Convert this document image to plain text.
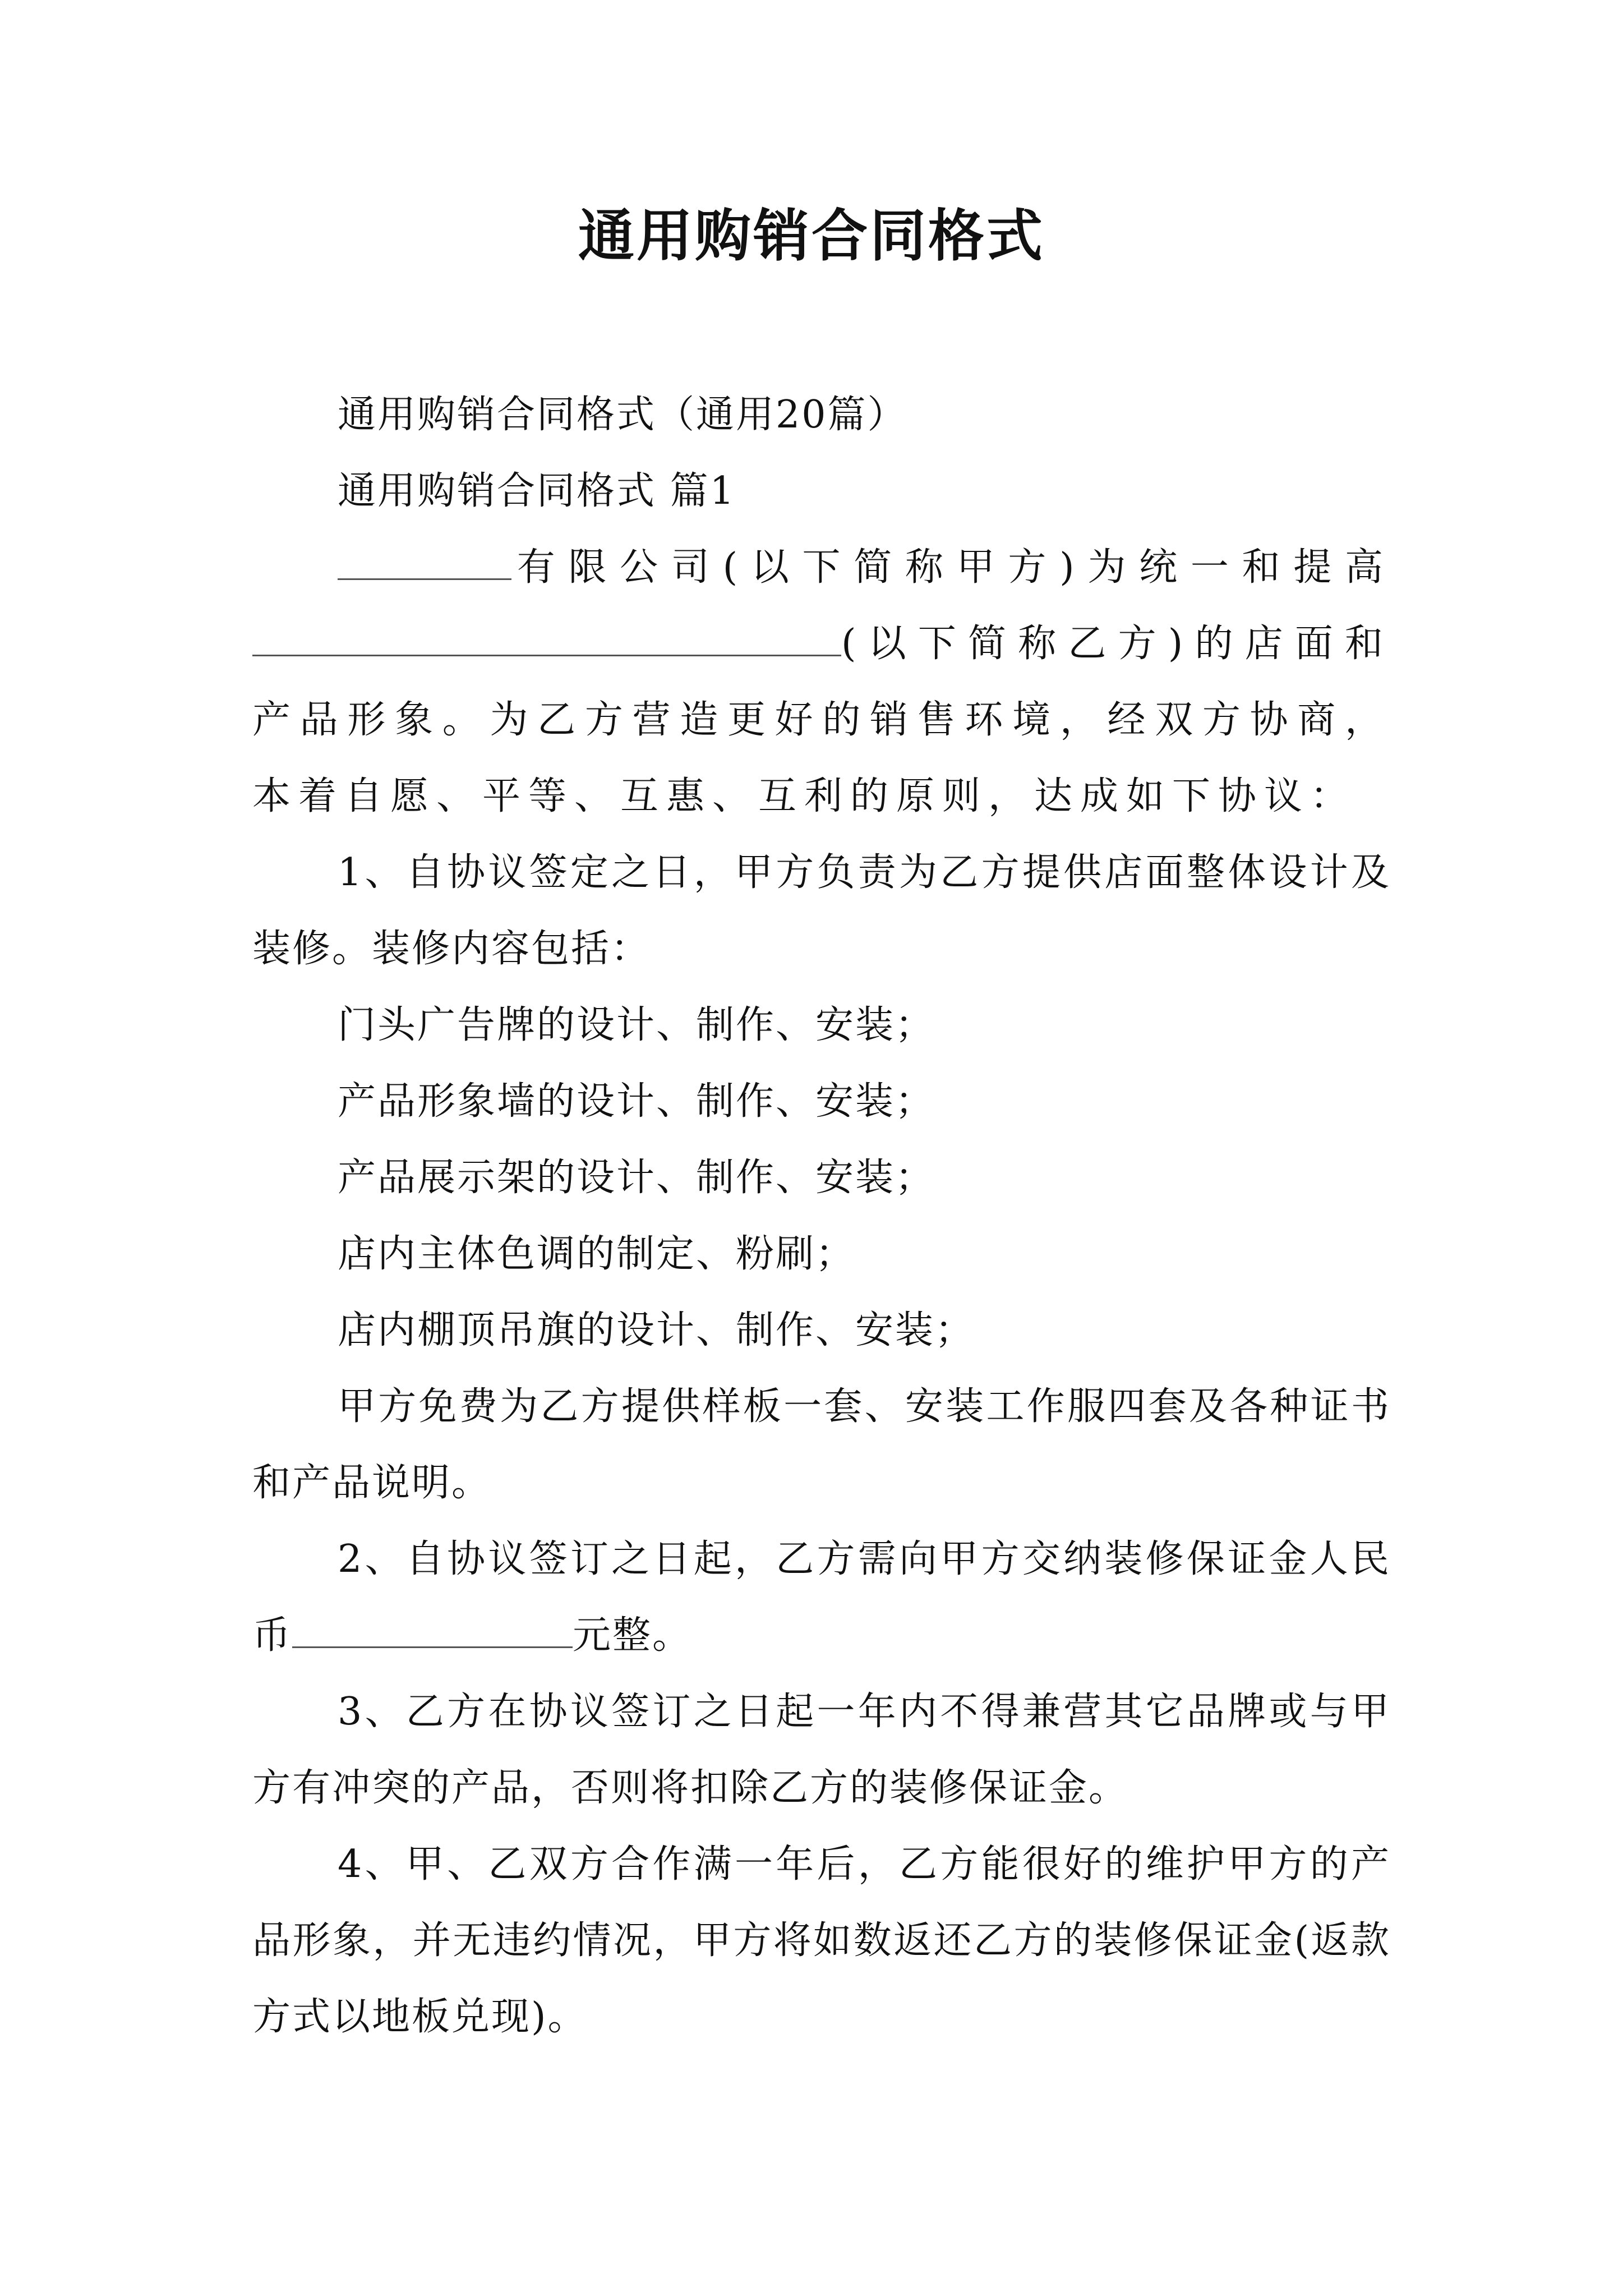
通用购销合同格式

通用购销合同格式（通用20篇）

通用购销合同格式 篇1

有限公司(以下简称甲方)为统一和提高(以下简称乙方)的店面和产品形象。为乙方营造更好的销售环境，经双方协商，本着自愿、平等、互惠、互利的原则，达成如下协议：

1、自协议签定之日，甲方负责为乙方提供店面整体设计及装修。装修内容包括：

门头广告牌的设计、制作、安装；

产品形象墙的设计、制作、安装；

产品展示架的设计、制作、安装；

店内主体色调的制定、粉刷；

店内棚顶吊旗的设计、制作、安装；

甲方免费为乙方提供样板一套、安装工作服四套及各种证书和产品说明。

2、自协议签订之日起，乙方需向甲方交纳装修保证金人民币	元整。

3、乙方在协议签订之日起一年内不得兼营其它品牌或与甲方有冲突的产品，否则将扣除乙方的装修保证金。

4、甲、乙双方合作满一年后，乙方能很好的维护甲方的产品形象，并无违约情况，甲方将如数返还乙方的装修保证金(返款方式以地板兑现)。
